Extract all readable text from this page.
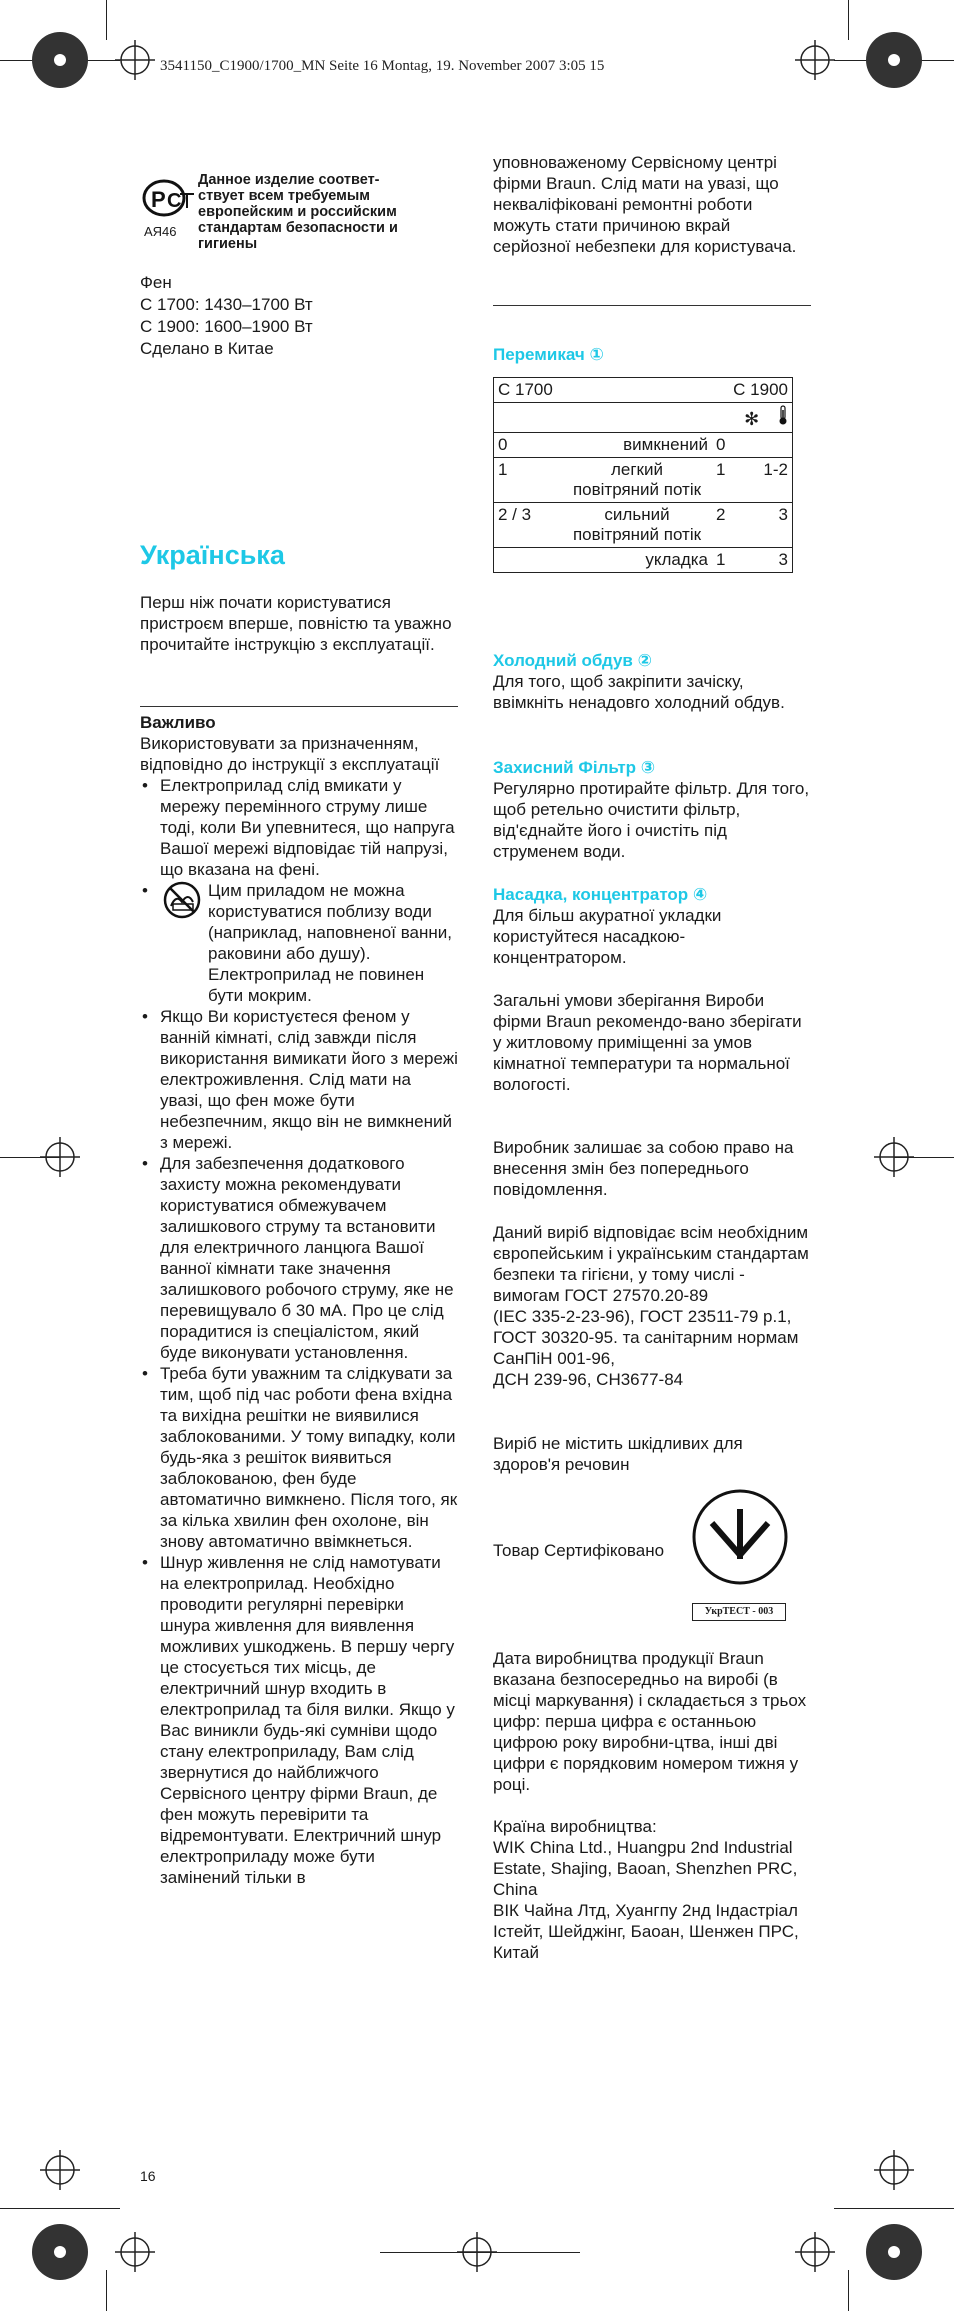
3541150_C1900/1700_MN Seite 16 Montag, 19. November 2007 3:05 15
P C
АЯ46
Данное изделие соответ-
ствует всем требуемым
европейским и российским
стандартам безопасности и
гигиены
Фен
C 1700: 1430–1700 Вт
C 1900: 1600–1900 Вт
Сделано в Китае
Українська
Перш ніж почати користуватися пристроєм вперше, повністю та уважно прочитайте інструкцію з експлуатації.
Важливо
Використовувати за призначенням, відповідно до інструкції з експлуатації
• Електроприлад слід вмикати у мережу перемінного струму лише тоді, коли Ви упевнитеся, що напруга Вашої мережі відповідає тій напрузі, що вказана на фені.
•	Цим приладом не можна користуватися поблизу води (наприклад, наповненої ванни, раковини або душу). Електроприлад не повинен бути мокрим.
• Якщо Ви користуєтеся феном у ванній кімнаті, слід завжди після використання вимикати його з мережі електроживлення. Слід мати на увазі, що фен може бути небезпечним, якщо він не вимкнений з мережі.
• Для забезпечення додаткового захисту можна рекомендувати користуватися обмежувачем залишкового струму та встановити для електричного ланцюга Вашої ванної кімнати таке значення залишкового робочого струму, яке не перевищувало б 30 мА. Про це слід порадитися із спеціалістом, який буде виконувати установлення.
• Треба бути уважним та слідкувати за тим, щоб під час роботи фена вхідна та вихідна решітки не виявилися заблокованими. У тому випадку, коли будь-яка з решіток виявиться заблокованою, фен буде автоматично вимкнено. Після того, як за кілька хвилин фен охолоне, він знову автоматично ввімкнеться.
• Шнур живлення не слід намотувати на електроприлад. Необхідно проводити регулярні перевірки шнура живлення для виявлення можливих ушкоджень. В першу чергу це стосується тих місць, де електричний шнур входить в електроприлад та біля вилки. Якщо у Вас виникли будь-які сумніви щодо стану електроприладу, Вам слід звернутися до найближчого Сервісного центру фірми Braun, де фен можуть перевірити та відремонтувати. Електричний шнур електроприладу може бути замінений тільки в
уповноваженому Сервісному центрі фірми Braun. Слід мати на увазі, що некваліфіковані ремонтні роботи можуть стати причиною вкрай серйозної небезпеки для користувача.
Перемикач ①
C 1700		C 1900	
		✻	
0	вимкнений	0	
1	легкий повітряний потік	1	1-2
2 / 3	сильний повітряний потік	2	3
	укладка	1	3
Холодний обдув ②
Для того, щоб закріпити зачіску, ввімкніть ненадовго холодний обдув.
Захисний Фільтр ③
Регулярно протирайте фільтр. Для того, щоб ретельно очистити фільтр, від'єднайте його і очистіть під струменем води.
Насадка, концентратор ④
Для більш акуратної укладки користуйтеся насадкою-концентратором.
Загальні умови зберігання Вироби фірми Braun рекомендо-вано зберігати у житловому приміщенні за умов кімнатної температури та нормальної вологості.
Виробник залишає за собою право на внесення змін без попереднього повідомлення.
Даний виріб відповідає всім необхідним європейським і українським стандартам безпеки та гігієни, у тому числі - вимогам ГОСТ 27570.20-89
(IEC 335-2-23-96), ГОСТ 23511-79 р.1, ГОСТ 30320-95. та санітарним нормам СанПіН 001-96,
ДСН 239-96, СН3677-84
Виріб не містить шкідливих для здоров'я речовин
Товар Сертифіковано
УкрТЕСТ - 003
Дата виробництва продукції Braun вказана безпосередньо на виробі (в місці маркування) і складається з трьох цифр: перша цифра є останньою цифрою року виробни-цтва, інші дві цифри є порядковим номером тижня у році.
Країна виробництва:
WIK China Ltd., Huangpu 2nd Industrial Estate, Shajing, Baoan, Shenzhen PRC, China
ВІК Чайна Лтд, Хуангпу 2нд Індастріал Істейт, Шейджінг, Баоан, Шенжен ПРС, Китай
16
